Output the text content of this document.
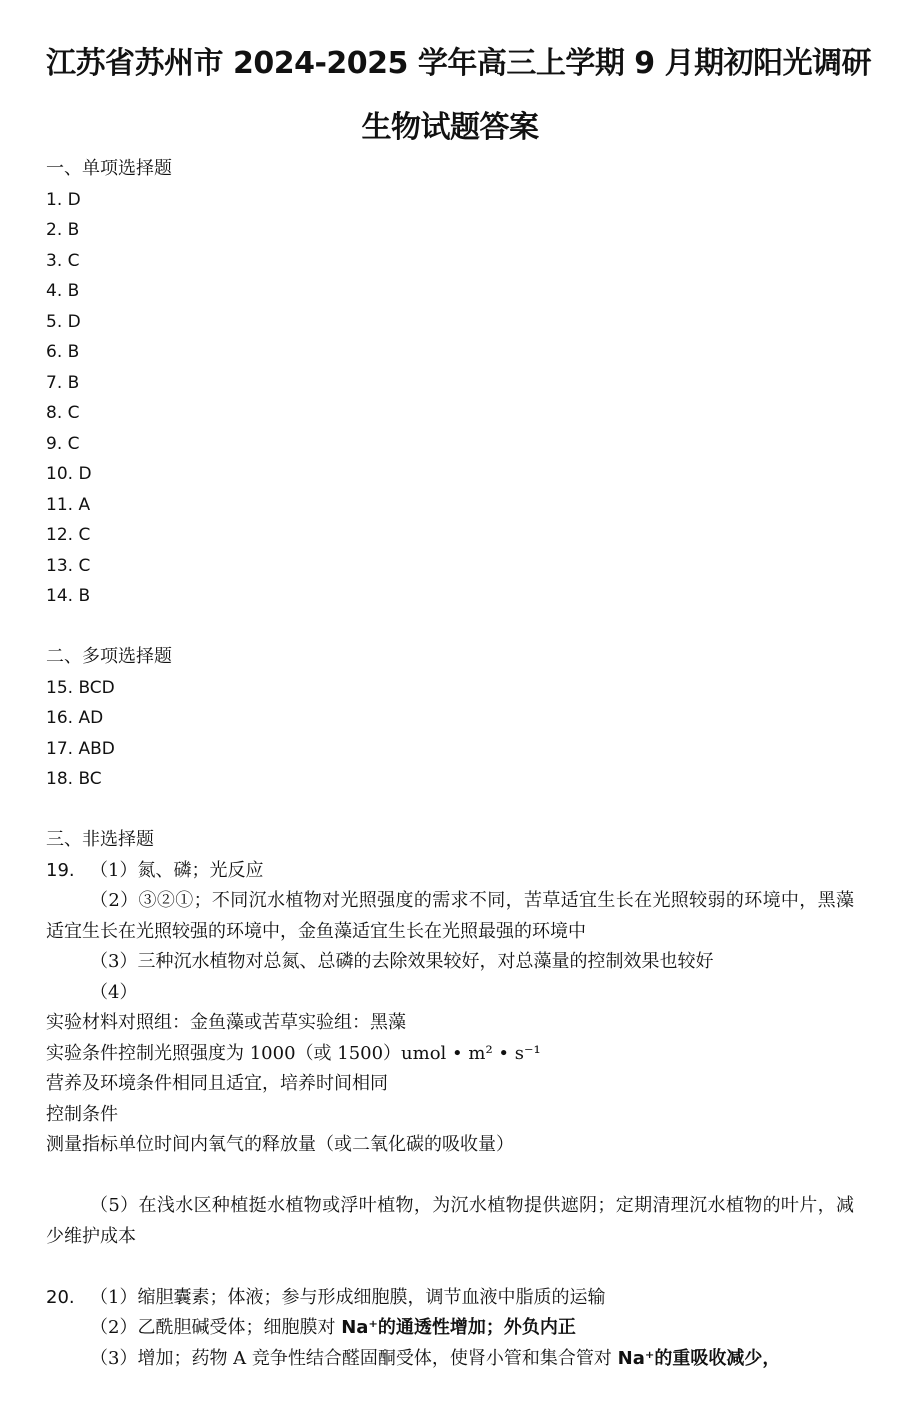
江苏省苏州市 2024-2025 学年高三上学期 9 月期初阳光调研
生物试题答案
一、单项选择题
1. D
2. B
3. C
4. B
5. D
6. B
7. B
8. C
9. C
10. D
11. A
12. C
13. C
14. B
二、多项选择题
15. BCD
16. AD
17. ABD
18. BC
三、非选择题
19. （1）氮、磷；光反应
（2）③②①；不同沉水植物对光照强度的需求不同，苦草适宜生长在光照较弱的环境中，黑藻适宜生长在光照较强的环境中，金鱼藻适宜生长在光照最强的环境中
（3）三种沉水植物对总氮、总磷的去除效果较好，对总藻量的控制效果也较好
（4）
实验材料对照组：金鱼藻或苦草实验组：黑藻
实验条件控制光照强度为 1000（或 1500）umol • m² • s⁻¹
营养及环境条件相同且适宜，培养时间相同
控制条件
测量指标单位时间内氧气的释放量（或二氧化碳的吸收量）
（5）在浅水区种植挺水植物或浮叶植物，为沉水植物提供遮阴；定期清理沉水植物的叶片，减少维护成本
20. （1）缩胆囊素；体液；参与形成细胞膜，调节血液中脂质的运输
（2）乙酰胆碱受体；细胞膜对 Na⁺的通透性增加；外负内正
（3）增加；药物 A 竞争性结合醛固酮受体，使肾小管和集合管对 Na⁺的重吸收减少，
